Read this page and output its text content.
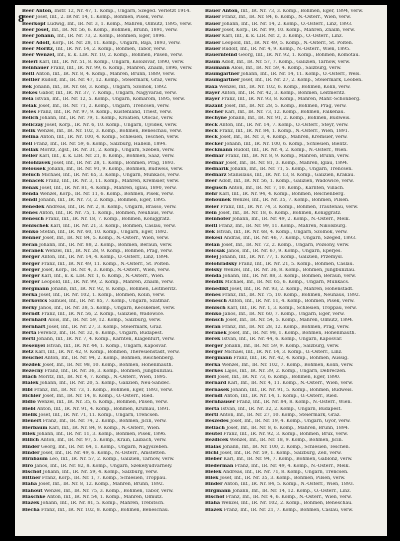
8
Beer Anton, Instr. 12, Nr. 47, 1. Komp., Ungarn, Szeged. Verletzt 1914.
Beer Josef, Inf., 2. IR Nr. 14, 1. Komp., Böhmen, Pisek, verw.
Beerkopf Ludwig, Inf., IR. Nr. 3, 1. Komp., Mähren, Olmütz, 1895, verw.
Beer Josef, Inf., IR. Nr. 56, 6. Komp., Böhmen, Brünn, 1891, verw.
Beer Johann, Inf., IR. Nr. 73, 2. Komp., Böhmen, Eger, 1896.
Beer Adolf, Korp., IR. Nr. 28, 11. Komp., Ungarn, Baja, 1893, verw.
Beer Moritz, Inf., IR. Nr. 14, 2. Komp., Böhmen, Tabor, verw.
Beer Wenzel, Inf., k. k. LIR. Nr. 10, 2. Komp., Böhmen, Pilsen, verw.
Beierl Karl, Inf., IR. Nr. 51, 8. Komp., Ungarn, Kolozsvar, 1890, verw.
Beinhauer Franz, Inf., IR. Nr. 99, 6. Komp., Mähren, Znaim, 1896, verw.
Beitl Anton, Inf., IR. Nr. 8, 4. Komp., Mähren, Brünn, 1889, verw.
Beitler Rudolf, Inf., IR. Nr. 47, 12. Komp., Steiermark, Graz, verw.
Bek Johann, Inf., IR. Nr. 68, 3. Komp., Ungarn, Szolnok, 1892.
Bekes Gabor, Inf., IR. Nr. 37, 7. Komp., Ungarn, Nagyvarad, verw.
Bela Istvan, Inf., IR. Nr. 12, 5. Komp., Ungarn, Komarom, 1895, verw.
Belak Josef, Inf., IR. Nr. 71, 2. Komp., Ungarn, Trencsen, verw.
Beles Franz, Inf., IR. Nr. 97, 9. Komp., Küstenland, Triest, verw.
Belich Johann, Inf., IR. Nr. 79, 1. Komp., Kroatien, Otocac, verw.
Beliczay Josef, Korp., IR. Nr. 6, 10. Komp., Ungarn, Ujvidek, verw.
Belik Wenzel, Inf., IR. Nr. 102, 3. Komp., Böhmen, Beneschau, verw.
Belina Anton, Inf., IR. Nr. 100, 4. Komp., Schlesien, Teschen, verw.
Bell Franz, Inf., IR. Nr. 59, 6. Komp., Salzburg, Hallein, 1894.
Bellak Moritz, Zgsf., IR. Nr. 31, 2. Komp., Ungarn, Szeben, verw.
Beller Karl, Inf., k. k. LIR. Nr. 21, 8. Komp., Böhmen, Saaz, verw.
Belohlavek Josef, Inf., IR. Nr. 28, 1. Komp., Böhmen, Prag, 1893.
Belousek Johann, Inf., IR. Nr. 91, 9. Komp., Böhmen, Budweis, verw.
Beluch Michael, Inf., IR. Nr. 65, 3. Komp., Ungarn, Munkacs, verw.
Benacek Franz, Inf., IR. Nr. 3, 11. Komp., Mähren, Kremsier, verw.
Benak Josef, Inf., IR. Nr. 81, 4. Komp., Mähren, Iglau, 1890, verw.
Benda Wenzel, Korp., IR. Nr. 11, 6. Komp., Böhmen, Pisek, verw.
Bendl Johann, Inf., IR. Nr. 73, 2. Komp., Böhmen, Eger, 1895.
Benedek Andreas, Inf., IR. Nr. 2, 8. Komp., Ungarn, Brasso, verw.
Benes Anton, Inf., IR. Nr. 75, 1. Komp., Böhmen, Neuhaus, verw.
Benesch Franz, Inf., IR. Nr. 18, 7. Komp., Böhmen, Königgrätz.
Benischek Karl, Inf., IR. Nr. 21, 3. Komp., Böhmen, Caslau, verw.
Benko Stefan, Inf., IR. Nr. 60, 10. Komp., Ungarn, Eger, 1892.
Benner Josef, Inf., IR. Nr. 84, 5. Komp., N.-Österr., Wien, verw.
Beran Johann, Inf., IR. Nr. 88, 2. Komp., Böhmen, Beraun, verw.
Beranek Wenzel, Inf., IR. Nr. 28, 9. Komp., Böhmen, Prag, verw.
Berger Anton, Inf., IR. Nr. 14, 4. Komp., O.-Österr., Linz, 1894.
Berger Franz, Inf., IR. Nr. 49, 11. Komp., N.-Österr., St. Pölten.
Berger Josef, Korp., IR. Nr. 4, 3. Komp., N.-Österr., Wien, verw.
Berger Karl, Inf., k. k. LIR. Nr. 1, 6. Komp., N.-Österr., Wien.
Berger Leopold, Inf., IR. Nr. 99, 2. Komp., Mähren, Znaim, verw.
Bergmann Johann, Inf., IR. Nr. 92, 8. Komp., Böhmen, Leitmeritz.
Berka Josef, Inf., IR. Nr. 102, 1. Komp., Böhmen, Kolin, verw.
Berkovics Samuel, Inf., IR. Nr. 85, 7. Komp., Ungarn, Szatmar.
Berky Janos, Inf., IR. Nr. 38, 5. Komp., Ungarn, Kecskemet, verw.
Berndt Franz, Inf., IR. Nr. 56, 2. Komp., Galizien, Wadowice.
Bernhard Alois, Inf., IR. Nr. 59, 12. Komp., Salzburg, verw.
Bernhart Josef, Inf., IR. Nr. 27, 3. Komp., Steiermark, Graz.
Berta Ferencz, Inf., IR. Nr. 32, 6. Komp., Ungarn, Budapest.
Bertl Johann, Inf., IR. Nr. 7, 4. Komp., Kärnten, Klagenfurt, verw.
Besenyei Istvan, Inf., IR. Nr. 44, 1. Komp., Ungarn, Kaposvar.
Betz Karl, Inf., IR. Nr. 42, 9. Komp., Böhmen, Theresienstadt, verw.
Beuchel Anton, Inf., IR. Nr. 94, 2. Komp., Böhmen, Reichenberg.
Bezdek Josef, Inf., IR. Nr. 98, 10. Komp., Böhmen, Hohenmauth.
Bezecny Franz, Inf., IR. Nr. 36, 3. Komp., Böhmen, Jungbunzlau.
Biach Moritz, Inf., IR. Nr. 4, 7. Komp., N.-Österr., Wien, 1895.
Bialek Johann, Inf., IR. Nr. 20, 5. Komp., Galizien, Neu-Sandec.
Bibl Franz, Inf., IR. Nr. 73, 1. Komp., Böhmen, Eger, 1893, verw.
Bichler Josef, Inf., IR. Nr. 14, 8. Komp., O.-Österr., Ried.
Bidlo Wenzel, Inf., IR. Nr. 35, 6. Komp., Böhmen, Pilsen, verw.
Biebl Anton, Inf., IR. Nr. 91, 4. Komp., Böhmen, Krumau, 1891.
Bielik Josef, Inf., IR. Nr. 71, 11. Komp., Ungarn, Trencsen.
Bienert Franz, Inf., IR. Nr. 74, 2. Komp., Böhmen, Jicin, verw.
Bierbaum Karl, Inf., IR. Nr. 84, 9. Komp., N.-Österr., Wien.
Bilek Johann, Inf., IR. Nr. 11, 3. Komp., Böhmen, Pisek, 1896.
Billich Anton, Inf., IR. Nr. 97, 5. Komp., Krain, Laibach, verw.
Binder Georg, Inf., IR. Nr. 64, 1. Komp., Ungarn, Nagyszeben.
Binder Josef, Inf., IR. Nr. 49, 6. Komp., N.-Österr., Amstetten.
Birnbaum Leo, Inf., IR. Nr. 57, 2. Komp., Galizien, Tarnow, verw.
Biro Janos, Inf., IR. Nr. 82, 8. Komp., Ungarn, Szekelyudvarhely.
Bischof Johann, Inf., IR. Nr. 59, 4. Komp., Salzburg, verw.
Bittner Franz, Korp., IR. Nr. 1, 7. Komp., Schlesien, Troppau.
Blaha Josef, Inf., IR. Nr. 8, 12. Komp., Mähren, Brünn, 1892.
Blahout Wenzel, Inf., IR. Nr. 75, 3. Komp., Böhmen, Tabor, verw.
Blaschke Anton, Inf., IR. Nr. 54, 1. Komp., Mähren, Olmütz.
Blazek Johann, Inf., IR. Nr. 81, 5. Komp., Mähren, Trebitsch.
Blecha Franz, Inf., IR. Nr. 102, 8. Komp., Böhmen, Beneschau.
Bauer Anton, Inf., IR. Nr. 73, 3. Komp., Böhmen, Eger, 1894, verw.
Bauer Franz, Inf., IR. Nr. 84, 6. Komp., N.-Österr., Wien, verw.
Bauer Johann, Inf., IR. Nr. 14, 2. Komp., O.-Österr., Linz, 1893.
Bauer Josef, Korp., IR. Nr. 99, 10. Komp., Mähren, Znaim, verw.
Bauer Karl, Inf., k. k. LIR. Nr. 2, 3. Komp., O.-Österr., Linz.
Bauer Leopold, Inf., IR. Nr. 49, 5. Komp., N.-Österr., St. Pölten.
Bauer Rudolf, Inf., IR. Nr. 4, 9. Komp., N.-Österr., Wien, 1895.
Bauernfeind Georg, Inf., IR. Nr. 92, 1. Komp., Böhmen, Komotau.
Baum Adolf, Inf., IR. Nr. 57, 7. Komp., Galizien, Tarnow, verw.
Baumann Alois, Inf., IR. Nr. 59, 4. Komp., Salzburg, verw.
Baumgartner Johann, Inf., IR. Nr. 14, 11. Komp., O.-Österr., Wels.
Baumgartner Josef, Inf., IR. Nr. 27, 2. Komp., Steiermark, Leoben.
Baxa Wenzel, Inf., IR. Nr. 102, 6. Komp., Böhmen, Kolin, verw.
Bayer Anton, Inf., IR. Nr. 42, 3. Komp., Böhmen, Leitmeritz.
Bayer Franz, Inf., IR. Nr. 93, 8. Komp., Mähren, Mähr.-Schönberg.
Bazant Josef, Inf., IR. Nr. 28, 5. Komp., Böhmen, Prag, verw.
Becher Karl, Inf., IR. Nr. 73, 12. Komp., Böhmen, Falkenau.
Bechyne Johann, Inf., IR. Nr. 91, 2. Komp., Böhmen, Budweis.
Beck Anton, Inf., IR. Nr. 14, 7. Komp., O.-Österr., Steyr, verw.
Beck Franz, Inf., IR. Nr. 84, 1. Komp., N.-Österr., Wien, 1891.
Beck Josef, Inf., IR. Nr. 3, 4. Komp., Mähren, Kremsier, verw.
Becker Johann, Inf., IR. Nr. 100, 6. Komp., Schlesien, Bielitz.
Beckmann Rudolf, Inf., IR. Nr. 4, 2. Komp., N.-Österr., Wien.
Bednar Franz, Inf., IR. Nr. 8, 9. Komp., Mähren, Brünn, verw.
Bednar Josef, Inf., IR. Nr. 81, 3. Komp., Mähren, Iglau, 1894.
Bednarik Johann, Inf., IR. Nr. 71, 5. Komp., Ungarn, Trencsen.
Bednarz Stanislaus, Inf., IR. Nr. 13, 8. Komp., Galizien, Krakau.
Beer Adolf, Inf., IR. Nr. 56, 1. Komp., Galizien, Wadowice, verw.
Begusch Anton, Inf., IR. Nr. 7, 10. Komp., Kärnten, Villach.
Behr Karl, Inf., IR. Nr. 94, 4. Komp., Böhmen, Reichenberg.
Behounek Wenzel, Inf., IR. Nr. 35, 7. Komp., Böhmen, Pilsen.
Beier Franz, Inf., IR. Nr. 74, 3. Komp., Böhmen, Trautenau, verw.
Bein Josef, Inf., IR. Nr. 18, 6. Komp., Böhmen, Königgrätz.
Beinhofer Johann, Inf., IR. Nr. 49, 2. Komp., N.-Österr., Melk.
Beitl Franz, Inf., IR. Nr. 99, 11. Komp., Mähren, Nikolsburg.
Bek Istvan, Inf., IR. Nr. 68, 4. Komp., Ungarn, Szolnok, verw.
Bekesi Andras, Inf., IR. Nr. 46, 7. Komp., Ungarn, Szeged, 1893.
Belan Josef, Inf., IR. Nr. 72, 2. Komp., Ungarn, Pozsony, verw.
Belcsak Janos, Inf., IR. Nr. 67, 9. Komp., Ungarn, Eperjes.
Belej Johann, Inf., IR. Nr. 77, 1. Komp., Galizien, Przemysl.
Belohradsky Franz, Inf., IR. Nr. 21, 5. Komp., Böhmen, Caslau.
Belsky Wenzel, Inf., IR. Nr. 36, 8. Komp., Böhmen, Jungbunzlau.
Benda Johann, Inf., IR. Nr. 88, 3. Komp., Böhmen, Beraun, verw.
Bendik Michael, Inf., IR. Nr. 65, 6. Komp., Ungarn, Munkacs.
Benedikt Josef, Inf., IR. Nr. 93, 2. Komp., Mähren, Hohenstadt.
Benes Franz, Inf., IR. Nr. 75, 10. Komp., Böhmen, Neuhaus, 1892.
Benesch Anton, Inf., IR. Nr. 11, 4. Komp., Böhmen, Pisek, verw.
Benisch Karl, Inf., IR. Nr. 1, 3. Komp., Schlesien, Troppau, verw.
Benko Janos, Inf., IR. Nr. 60, 7. Komp., Ungarn, Eger, verw.
Bensch Josef, Inf., IR. Nr. 54, 5. Komp., Mähren, Olmütz, 1894.
Beran Franz, Inf., IR. Nr. 28, 12. Komp., Böhmen, Prag, verw.
Beranek Josef, Inf., IR. Nr. 98, 1. Komp., Böhmen, Hohenmauth.
Berek Istvan, Inf., IR. Nr. 44, 6. Komp., Ungarn, Kaposvar.
Berger Johann, Inf., IR. Nr. 59, 9. Komp., Salzburg, verw.
Berger Michael, Inf., IR. Nr. 14, 3. Komp., O.-Österr., Linz.
Bergmann Franz, Inf., IR. Nr. 42, 4. Komp., Böhmen, Aussig.
Berka Wenzel, Inf., IR. Nr. 102, 7. Komp., Böhmen, Kolin, verw.
Berkes Lajos, Inf., IR. Nr. 39, 2. Komp., Ungarn, Debreczen.
Berl Josef, Inf., IR. Nr. 73, 6. Komp., Böhmen, Eger, 1890.
Bernard Karl, Inf., IR. Nr. 4, 11. Komp., N.-Österr., Wien, verw.
Bernasek Johann, Inf., IR. Nr. 91, 5. Komp., Böhmen, Budweis.
Berndl Anton, Inf., IR. Nr. 14, 1. Komp., O.-Österr., Ried.
Bernhauser Franz, Inf., IR. Nr. 84, 8. Komp., N.-Österr., Wien.
Berta Istvan, Inf., IR. Nr. 32, 2. Komp., Ungarn, Budapest.
Bertl Anton, Inf., IR. Nr. 27, 10. Komp., Steiermark, Graz.
Beszedes Josef, Inf., IR. Nr. 19, 4. Komp., Ungarn, Györ, verw.
Betlach Josef, Inf., IR. Nr. 8, 6. Komp., Mähren, Brünn, 1894.
Beutel Franz, Inf., IR. Nr. 92, 3. Komp., Böhmen, Brüx, verw.
Bezdicek Wenzel, Inf., IR. Nr. 18, 9. Komp., Böhmen, Jicin.
Bialas Johann, Inf., IR. Nr. 100, 2. Komp., Schlesien, Teschen.
Bichl Josef, Inf., IR. Nr. 59, 1. Komp., Salzburg, Zell, verw.
Bieber Karl, Inf., IR. Nr. 94, 7. Komp., Böhmen, Gablonz, verw.
Biederman Franz, Inf., IR. Nr. 49, 4. Komp., N.-Österr., Melk.
Bielek Andreas, Inf., IR. Nr. 71, 8. Komp., Ungarn, Trencsen.
Bilek Josef, Inf., IR. Nr. 35, 3. Komp., Böhmen, Pilsen, verw.
Binder Anton, Inf., IR. Nr. 84, 5. Komp., N.-Österr., Wien, 1893.
Birgmann Johann, Inf., IR. Nr. 14, 12. Komp., O.-Österr., Linz.
Bischof Franz, Inf., IR. Nr. 4, 6. Komp., N.-Österr., Wien, verw.
Blaha Wenzel, Inf., IR. Nr. 102, 2. Komp., Böhmen, Beneschau.
Blazek Franz, Inf., IR. Nr. 21, 7. Komp., Böhmen, Caslau, verw.
